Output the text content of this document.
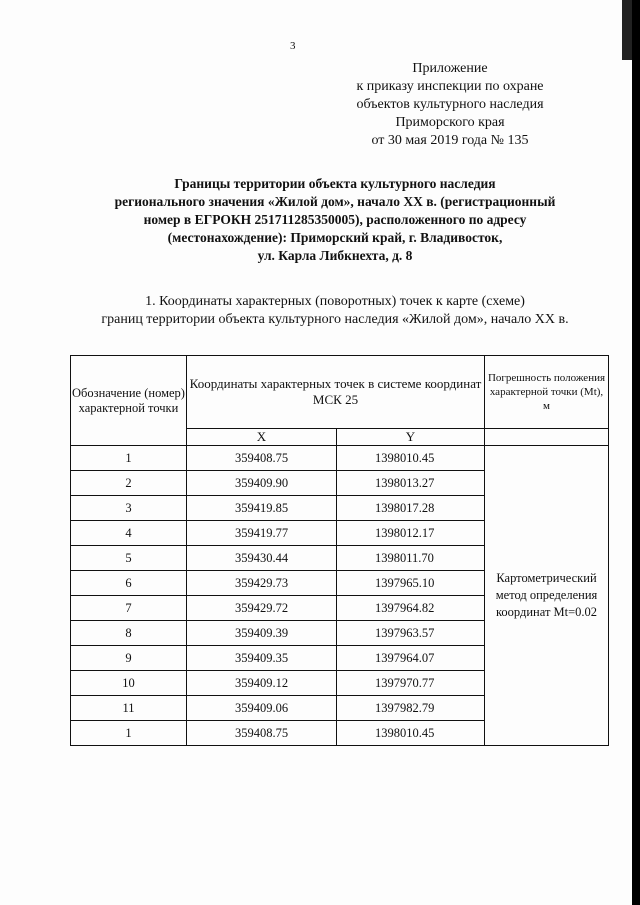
3
Приложение
к приказу инспекции по охране
объектов культурного наследия
Приморского края
от 30 мая 2019 года № 135
Границы территории объекта культурного наследия
регионального значения «Жилой дом», начало XX в. (регистрационный
номер в ЕГРОКН 251711285350005), расположенного по адресу
(местонахождение): Приморский край, г. Владивосток,
ул. Карла Либкнехта, д. 8
1. Координаты характерных (поворотных) точек к карте (схеме)
границ территории объекта культурного наследия «Жилой дом», начало XX в.
Обозначение (номер) характерной точки	Координаты характерных точек в системе координат МСК 25		Погрешность положения характерной точки (Mt), м
	X	Y	
1	359408.75	1398010.45	Картометрический метод определения координат Mt=0.02
2	359409.90	1398013.27	
3	359419.85	1398017.28	
4	359419.77	1398012.17	
5	359430.44	1398011.70	
6	359429.73	1397965.10	
7	359429.72	1397964.82	
8	359409.39	1397963.57	
9	359409.35	1397964.07	
10	359409.12	1397970.77	
11	359409.06	1397982.79	
1	359408.75	1398010.45	
